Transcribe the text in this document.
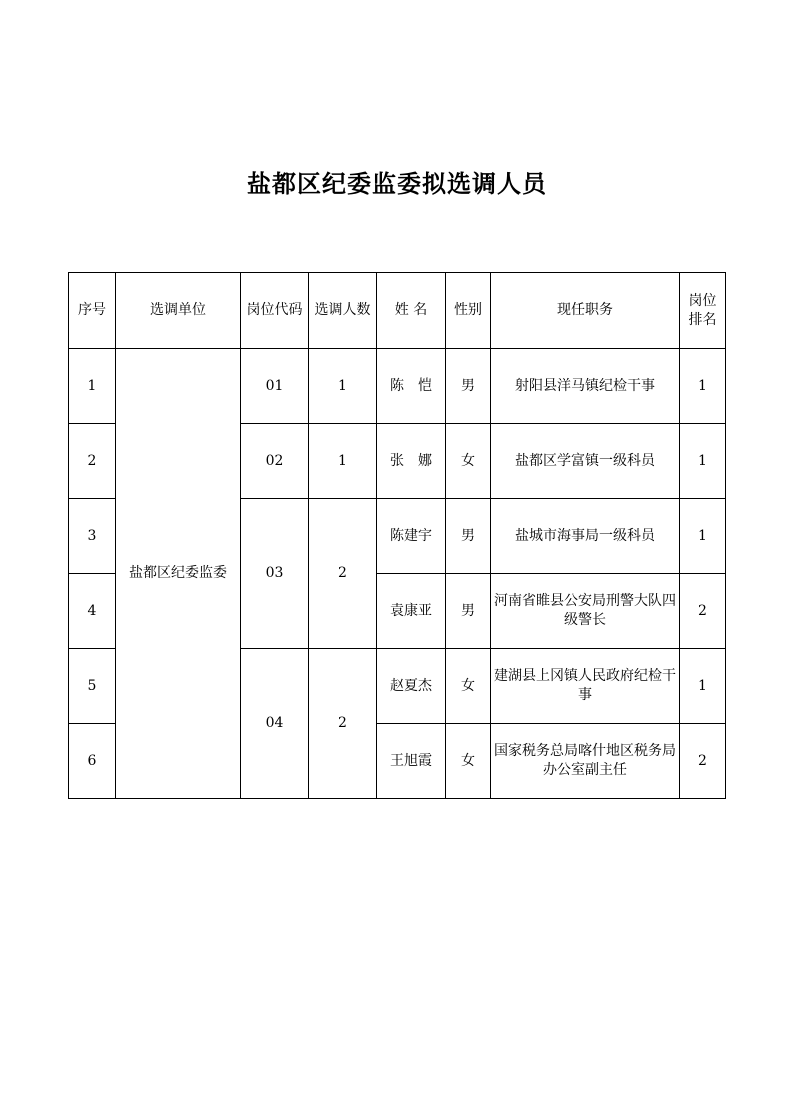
盐都区纪委监委拟选调人员
序号	选调单位	岗位代码	选调人数	姓 名	性别	现任职务	岗位排名
1	盐都区纪委监委	01	1	陈　恺	男	射阳县洋马镇纪检干事	1
2		02	1	张　娜	女	盐都区学富镇一级科员	1
3		03	2	陈建宇	男	盐城市海事局一级科员	1
4				袁康亚	男	河南省睢县公安局刑警大队四级警长	2
5		04	2	赵夏杰	女	建湖县上冈镇人民政府纪检干事	1
6				王旭霞	女	国家税务总局喀什地区税务局办公室副主任	2
